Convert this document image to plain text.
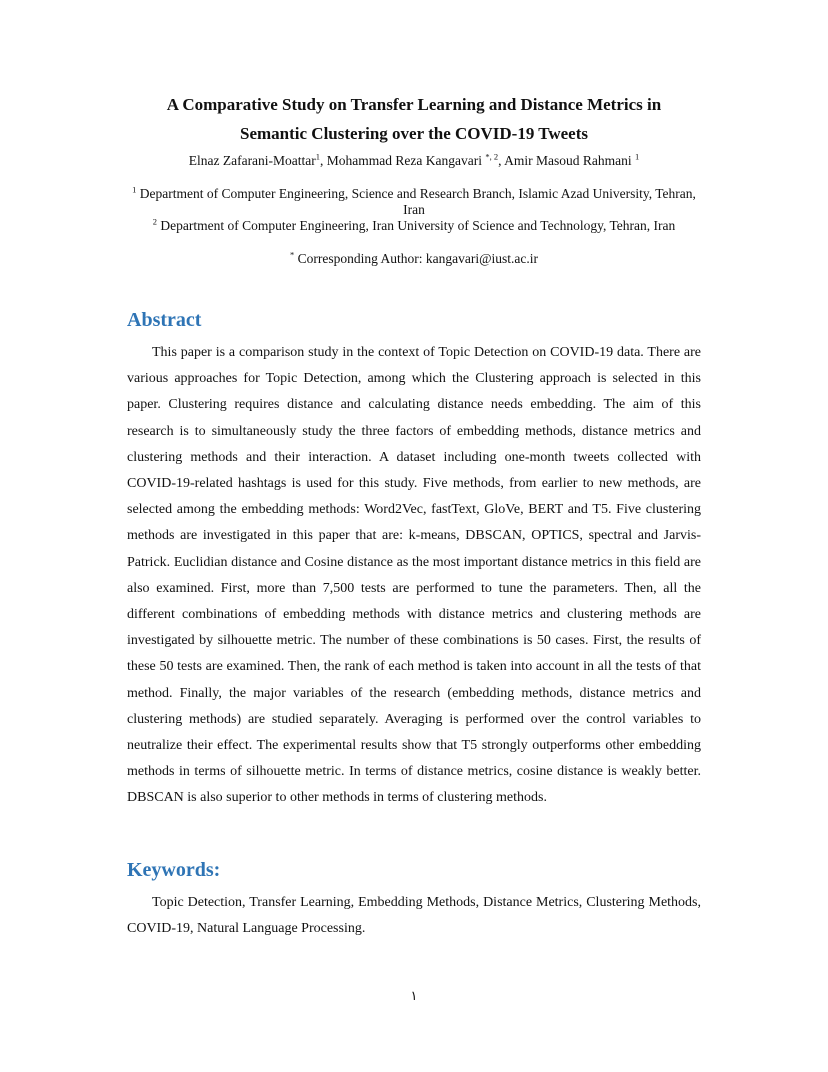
A Comparative Study on Transfer Learning and Distance Metrics in
Semantic Clustering over the COVID-19 Tweets
Elnaz Zafarani-Moattar$^1$, Mohammad Reza Kangavari $^{*, 2}$, Amir Masoud Rahmani $^1$

$^1$ Department of Computer Engineering, Science and Research Branch, Islamic Azad University, Tehran, Iran

$^2$ Department of Computer Engineering, Iran University of Science and Technology, Tehran, Iran

* Corresponding Author: kangavari@iust.ac.ir
Abstract

This paper is a comparison study in the context of Topic Detection on COVID-19 data. There are various approaches for Topic Detection, among which the Clustering approach is selected in this paper. Clustering requires distance and calculating distance needs embedding. The aim of this research is to simultaneously study the three factors of embedding methods, distance metrics and clustering methods and their interaction. A dataset including one-month tweets collected with COVID-19-related hashtags is used for this study. Five methods, from earlier to new methods, are selected among the embedding methods: Word2Vec, fastText, GloVe, BERT and T5. Five clustering methods are investigated in this paper that are: k-means, DBSCAN, OPTICS, spectral and Jarvis-Patrick. Euclidian distance and Cosine distance as the most important distance metrics in this field are also examined. First, more than 7,500 tests are performed to tune the parameters. Then, all the different combinations of embedding methods with distance metrics and clustering methods are investigated by silhouette metric. The number of these combinations is 50 cases. First, the results of these 50 tests are examined. Then, the rank of each method is taken into account in all the tests of that method. Finally, the major variables of the research (embedding methods, distance metrics and clustering methods) are studied separately. Averaging is performed over the control variables to neutralize their effect. The experimental results show that T5 strongly outperforms other embedding methods in terms of silhouette metric. In terms of distance metrics, cosine distance is weakly better. DBSCAN is also superior to other methods in terms of clustering methods.

Keywords:

Topic Detection, Transfer Learning, Embedding Methods, Distance Metrics, Clustering Methods, COVID-19, Natural Language Processing.

١
